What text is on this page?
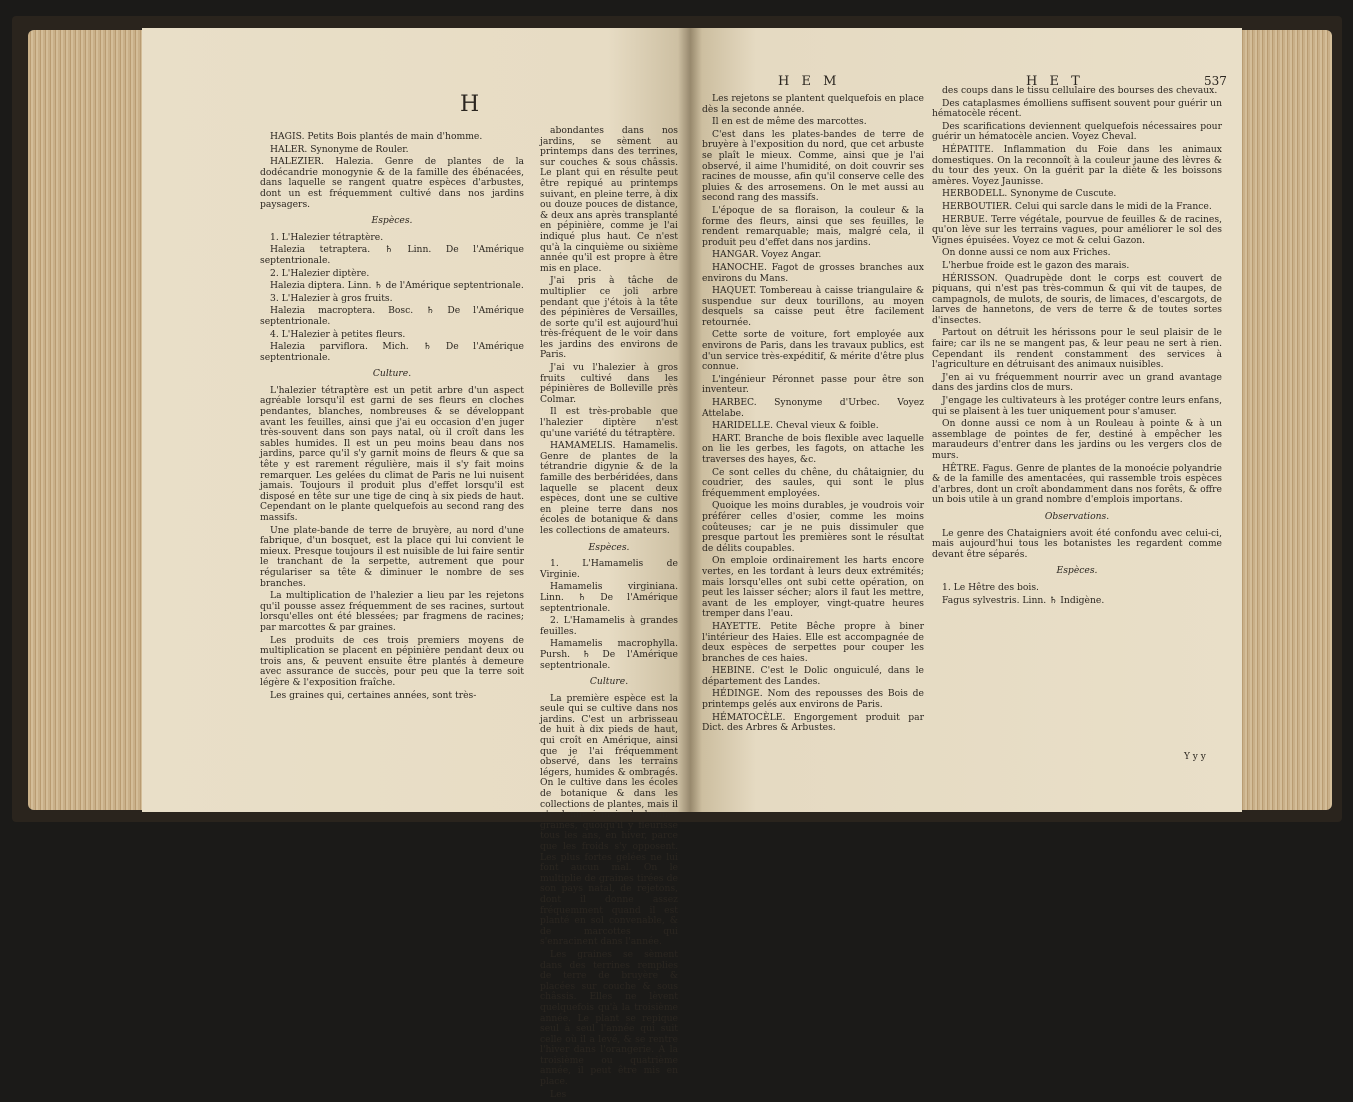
H

HAGIS. Petits Bois plantés de main d'homme.

HALER. Synonyme de Rouler.

HALEZIER. Halezia. Genre de plantes de la dodécandrie monogynie & de la famille des ébénacées, dans laquelle se rangent quatre espèces d'arbustes, dont un est fréquemment cultivé dans nos jardins paysagers.

Espèces.

1. L'Halezier tétraptère.

Halezia tetraptera. ♄ Linn. De l'Amérique septentrionale.

2. L'Halezier diptère.

Halezia diptera. Linn. ♄ de l'Amérique septentrionale.

3. L'Halezier à gros fruits.

Halezia macroptera. Bosc. ♄ De l'Amérique septentrionale.

4. L'Halezier à petites fleurs.

Halezia parviflora. Mich. ♄ De l'Amérique septentrionale.

Culture.

L'halezier tétraptère est un petit arbre d'un aspect agréable lorsqu'il est garni de ses fleurs en cloches pendantes, blanches, nombreuses & se développant avant les feuilles, ainsi que j'ai eu occasion d'en juger très-souvent dans son pays natal, où il croît dans les sables humides. Il est un peu moins beau dans nos jardins, parce qu'il s'y garnit moins de fleurs & que sa tête y est rarement régulière, mais il s'y fait moins remarquer. Les gelées du climat de Paris ne lui nuisent jamais. Toujours il produit plus d'effet lorsqu'il est disposé en tête sur une tige de cinq à six pieds de haut. Cependant on le plante quelquefois au second rang des massifs.

Une plate-bande de terre de bruyère, au nord d'une fabrique, d'un bosquet, est la place qui lui convient le mieux. Presque toujours il est nuisible de lui faire sentir le tranchant de la serpette, autrement que pour régulariser sa tête & diminuer le nombre de ses branches.

La multiplication de l'halezier a lieu par les rejetons qu'il pousse assez fréquemment de ses racines, surtout lorsqu'elles ont été blessées; par fragmens de racines; par marcottes & par graines.

Les produits de ces trois premiers moyens de multiplication se placent en pépinière pendant deux ou trois ans, & peuvent ensuite être plantés à demeure avec assurance de succès, pour peu que la terre soit légère & l'exposition fraîche.

Les graines qui, certaines années, sont très-

abondantes dans nos jardins, se sèment au printemps dans des terrines, sur couches & sous châssis. Le plant qui en résulte peut être repiqué au printemps suivant, en pleine terre, à dix ou douze pouces de distance, & deux ans après transplanté en pépinière, comme je l'ai indiqué plus haut. Ce n'est qu'à la cinquième ou sixième année qu'il est propre à être mis en place.

J'ai pris à tâche de multiplier ce joli arbre pendant que j'étois à la tête des pépinières de Versailles, de sorte qu'il est aujourd'hui très-fréquent de le voir dans les jardins des environs de Paris.

J'ai vu l'halezier à gros fruits cultivé dans les pépinières de Bolleville près Colmar.

Il est très-probable que l'halezier diptère n'est qu'une variété du tétraptère.

HAMAMELIS. Hamamelis. Genre de plantes de la tétrandrie digynie & de la famille des berbéridées, dans laquelle se placent deux espèces, dont une se cultive en pleine terre dans nos écoles de botanique & dans les collections de amateurs.

Espèces.

1. L'Hamamelis de Virginie.

Hamamelis virginiana. Linn. ♄ De l'Amérique septentrionale.

2. L'Hamamelis à grandes feuilles.

Hamamelis macrophylla. Pursh. ♄ De l'Amérique septentrionale.

Culture.

La première espèce est la seule qui se cultive dans nos jardins. C'est un arbrisseau de huit à dix pieds de haut, qui croît en Amérique, ainsi que je l'ai fréquemment observé, dans les terrains légers, humides & ombragés. On le cultive dans les écoles de botanique & dans les collections de plantes, mais il n'y donne jamais de bonnes graines, quoiqu'il y fleurisse tous les ans, en hiver, parce que les froids s'y opposent. Les plus fortes gelées ne lui font aucun mal. On le multiplie de graines tirées de son pays natal, de rejetons, dont il donne assez fréquemment quand il est planté en sol convenable, & de marcottes qui s'enracinent dans l'année.

Les graines se sèment dans des terrines remplies de terre de bruyère & placées sur couche & sous châssis. Elles ne lèvent quelquefois qu'à la troisième année. Le plant se repique seul à seul l'année qui suit celle où il a levé, & se rentre l'hiver dans l'orangerie. A la troisième ou quatrième année, il peut être mis en place.

Les

H E M	H E T	537

Les rejetons se plantent quelquefois en place dès la seconde année.

Il en est de même des marcottes.

C'est dans les plates-bandes de terre de bruyère à l'exposition du nord, que cet arbuste se plaît le mieux. Comme, ainsi que je l'ai observé, il aime l'humidité, on doit couvrir ses racines de mousse, afin qu'il conserve celle des pluies & des arrosemens. On le met aussi au second rang des massifs.

L'époque de sa floraison, la couleur & la forme des fleurs, ainsi que ses feuilles, le rendent remarquable; mais, malgré cela, il produit peu d'effet dans nos jardins.

HANGAR. Voyez Angar.

HANOCHE. Fagot de grosses branches aux environs du Mans.

HAQUET. Tombereau à caisse triangulaire & suspendue sur deux tourillons, au moyen desquels sa caisse peut être facilement retournée.

Cette sorte de voiture, fort employée aux environs de Paris, dans les travaux publics, est d'un service très-expéditif, & mérite d'être plus connue.

L'ingénieur Péronnet passe pour être son inventeur.

HARBEC. Synonyme d'Urbec. Voyez Attelabe.

HARIDELLE. Cheval vieux & foible.

HART. Branche de bois flexible avec laquelle on lie les gerbes, les fagots, on attache les traverses des hayes, &c.

Ce sont celles du chêne, du châtaignier, du coudrier, des saules, qui sont le plus fréquemment employées.

Quoique les moins durables, je voudrois voir préférer celles d'osier, comme les moins coûteuses; car je ne puis dissimuler que presque partout les premières sont le résultat de délits coupables.

On emploie ordinairement les harts encore vertes, en les tordant à leurs deux extrémités; mais lorsqu'elles ont subi cette opération, on peut les laisser sécher; alors il faut les mettre, avant de les employer, vingt-quatre heures tremper dans l'eau.

HAYETTE. Petite Bêche propre à biner l'intérieur des Haies. Elle est accompagnée de deux espèces de serpettes pour couper les branches de ces haies.

HEBINE. C'est le Dolic onguiculé, dans le département des Landes.

HÉDINGE. Nom des repousses des Bois de printemps gelés aux environs de Paris.

HÉMATOCÈLE. Engorgement produit par Dict. des Arbres & Arbustes.

des coups dans le tissu cellulaire des bourses des chevaux.

Des cataplasmes émolliens suffisent souvent pour guérir un hématocèle récent.

Des scarifications deviennent quelquefois nécessaires pour guérir un hématocèle ancien. Voyez Cheval.

HÉPATITE. Inflammation du Foie dans les animaux domestiques. On la reconnoît à la couleur jaune des lèvres & du tour des yeux. On la guérit par la diète & les boissons amères. Voyez Jaunisse.

HERBODELL. Synonyme de Cuscute.

HERBOUTIER. Celui qui sarcle dans le midi de la France.

HERBUE. Terre végétale, pourvue de feuilles & de racines, qu'on lève sur les terrains vagues, pour améliorer le sol des Vignes épuisées. Voyez ce mot & celui Gazon.

On donne aussi ce nom aux Friches.

L'herbue froide est le gazon des marais.

HÉRISSON. Quadrupède dont le corps est couvert de piquans, qui n'est pas très-commun & qui vit de taupes, de campagnols, de mulots, de souris, de limaces, d'escargots, de larves de hannetons, de vers de terre & de toutes sortes d'insectes.

Partout on détruit les hérissons pour le seul plaisir de le faire; car ils ne se mangent pas, & leur peau ne sert à rien. Cependant ils rendent constamment des services à l'agriculture en détruisant des animaux nuisibles.

J'en ai vu fréquemment nourrir avec un grand avantage dans des jardins clos de murs.

J'engage les cultivateurs à les protéger contre leurs enfans, qui se plaisent à les tuer uniquement pour s'amuser.

On donne aussi ce nom à un Rouleau à pointe & à un assemblage de pointes de fer, destiné à empêcher les maraudeurs d'entrer dans les jardins ou les vergers clos de murs.

HÊTRE. Fagus. Genre de plantes de la monoécie polyandrie & de la famille des amentacées, qui rassemble trois espèces d'arbres, dont un croît abondamment dans nos forêts, & offre un bois utile à un grand nombre d'emplois importans.

Observations.

Le genre des Chataigniers avoit été confondu avec celui-ci, mais aujourd'hui tous les botanistes les regardent comme devant être séparés.

Espèces.

1. Le Hêtre des bois.

Fagus sylvestris. Linn. ♄ Indigène.

Y y y
